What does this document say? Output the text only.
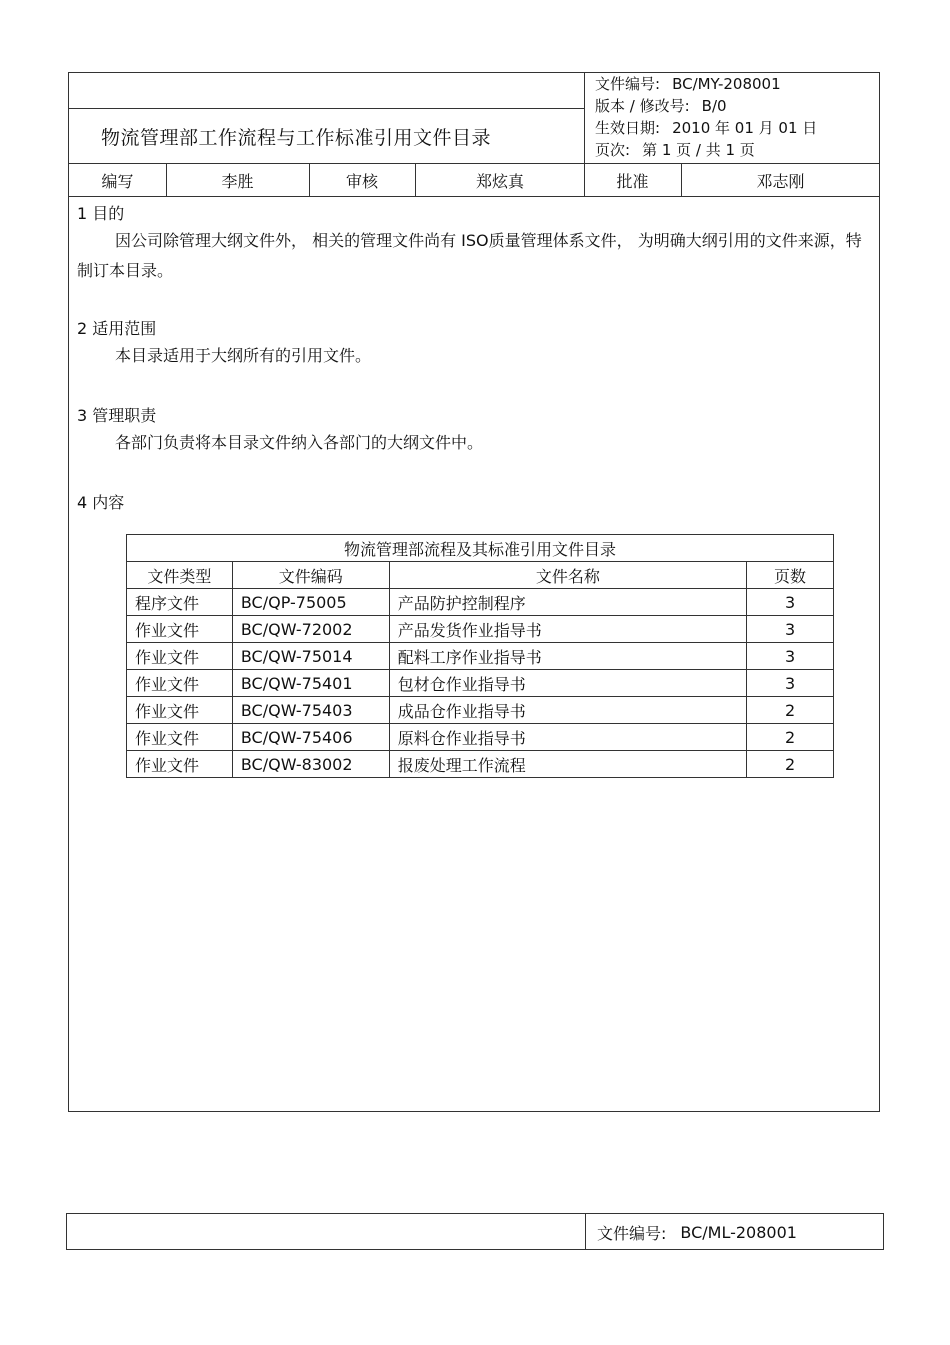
物流管理部工作流程与工作标准引用文件目录
文件编号: BC/MY-208001
版本 / 修改号: B/0
生效日期: 2010 年 01 月 01 日
页次: 第 1 页 / 共 1 页
编写	李胜	审核	郑炫真	批准	邓志刚
1 目的
因公司除管理大纲文件外， 相关的管理文件尚有 ISO质量管理体系文件， 为明确大纲引用的文件来源，特制订本目录。
2 适用范围
本目录适用于大纲所有的引用文件。
3 管理职责
各部门负责将本目录文件纳入各部门的大纲文件中。
4 内容
物流管理部流程及其标准引用文件目录			
文件类型	文件编码	文件名称	页数
程序文件	BC/QP-75005	产品防护控制程序	3
作业文件	BC/QW-72002	产品发货作业指导书	3
作业文件	BC/QW-75014	配料工序作业指导书	3
作业文件	BC/QW-75401	包材仓作业指导书	3
作业文件	BC/QW-75403	成品仓作业指导书	2
作业文件	BC/QW-75406	原料仓作业指导书	2
作业文件	BC/QW-83002	报废处理工作流程	2
文件编号: BC/ML-208001
